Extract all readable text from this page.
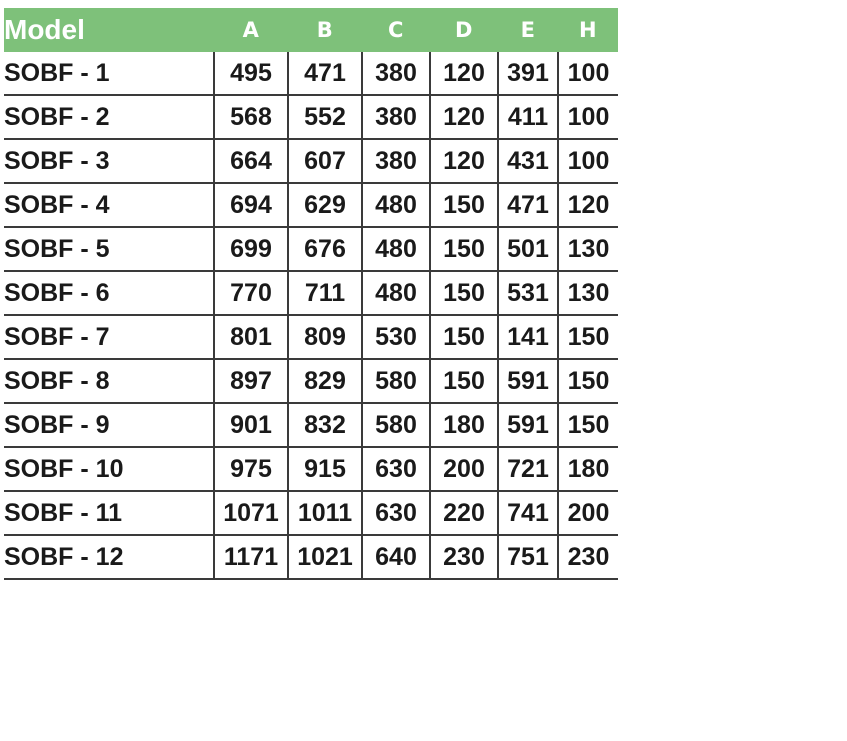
Model	A	B	C	D	E	H
SOBF - 1	495	471	380	120	391	100
SOBF - 2	568	552	380	120	411	100
SOBF - 3	664	607	380	120	431	100
SOBF - 4	694	629	480	150	471	120
SOBF - 5	699	676	480	150	501	130
SOBF - 6	770	711	480	150	531	130
SOBF - 7	801	809	530	150	141	150
SOBF - 8	897	829	580	150	591	150
SOBF - 9	901	832	580	180	591	150
SOBF - 10	975	915	630	200	721	180
SOBF - 11	1071	1011	630	220	741	200
SOBF - 12	1171	1021	640	230	751	230
